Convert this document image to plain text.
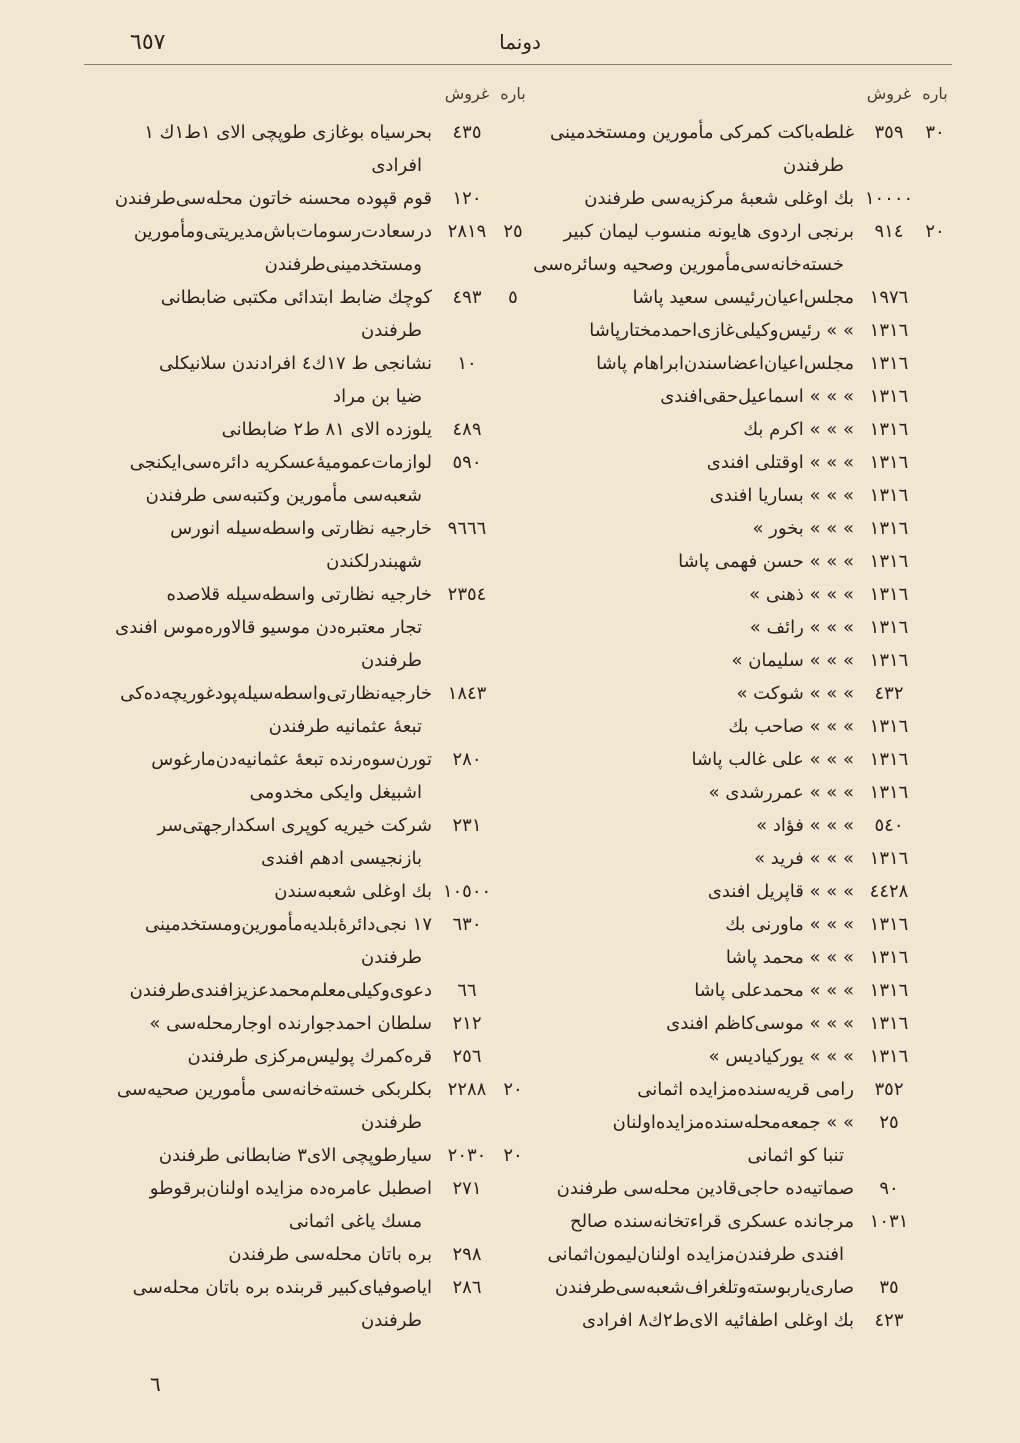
٦٥٧	دونما
باره
غروش
٣٠
٣٥٩
غلطه‌با‌کت کمرکی مأمورین ومستخدمینی
طرفندن
١٠٠٠٠
بك اوغلی شعبهٔ مرکزیه‌سی طرفندن
٢٠
٩١٤
برنجی اردوی هایونه منسوب لیمان کبیر
خسته‌خانه‌سی‌مأمورین وصحیه وسائره‌سی
١٩٧٦
مجلس‌اعیان‌رئیسی سعید پاشا
١٣١٦
» » رئیس‌وکیلی‌غازی‌احمدمختارپاشا
١٣١٦
مجلس‌اعیان‌اعضاسندن‌ابراهام پاشا
١٣١٦
» » » اسماعیل‌حقی‌افندی
١٣١٦
» » » اکرم بك
١٣١٦
» » » اوقتلی افندی
١٣١٦
» » » بساریا افندی
١٣١٦
» » » بخور »
١٣١٦
» » » حسن فهمی پاشا
١٣١٦
» » » ذهنی »
١٣١٦
» » » رائف »
١٣١٦
» » » سلیمان »
٤٣٢
» » » شوکت »
١٣١٦
» » » صاحب بك
١٣١٦
» » » علی غالب پاشا
١٣١٦
» » » عمررشدی »
٥٤٠
» » » فؤاد »
١٣١٦
» » » فرید »
٤٤٢٨
» » » قاپریل افندی
١٣١٦
» » » ماورنی بك
١٣١٦
» » » محمد پاشا
١٣١٦
» » » محمدعلی پاشا
١٣١٦
» » » موسی‌کاظم افندی
١٣١٦
» » » یورکیادیس »
٣٥٢
رامی قریه‌سنده‌مزایده اثمانی
٢٥
» » جمعه‌محله‌سنده‌مزایده‌اولنان
تنبا کو اثمانی
٩٠
صماتیه‌ده حاجی‌قادین محله‌سی طرفندن
١٠٣١
مرجانده عسکری قراءتخانه‌سنده صالح
افندی طرفندن‌مزایده اولنان‌لیمون‌اثمانی
٣٥
صاری‌یاربوسته‌وتلغراف‌شعبه‌سی‌طرفندن
٤٢٣
بك اوغلی اطفائیه الای‌ط٢ك٨ افرادی
باره
غروش
٤٣٥
بحرسیاه بوغازی طوپچی الای ١ط١ك ١
افرادی
١٢٠
قوم قپوده محسنه خاتون محله‌سی‌طرفندن
٢٥
٢٨١٩
درسعادت‌رسومات‌باش‌مدیریتی‌ومأمورین
ومستخدمینی‌طرفندن
٥
٤٩٣
کوچك ضابط ابتدائی مکتبی ضابطانی
طرفندن
١٠
نشانجی ط ١٧ك٤ افرادندن سلانیکلی
ضیا بن مراد
٤٨٩
یلوزده الای ٨١ ط٢ ضابطانی
٥٩٠
لوازمات‌عمومیهٔ‌عسکریه دائره‌سی‌ایکنجی
شعبه‌سی مأمورین وکتبه‌سی طرفندن
٩٦٦٦
خارجیه نظارتی واسطه‌سیله انورس
شهبندرلکندن
٢٣٥٤
خارجیه نظارتی واسطه‌سیله قلاصده
تجار معتبره‌دن موسیو قالاوره‌موس افندی طرفندن
١٨٤٣
خارجیه‌نظارتی‌واسطه‌سیله‌پودغوریچه‌ده‌کی
تبعهٔ عثمانیه طرفندن
٢٨٠
تورن‌سوه‌رنده تبعهٔ عثمانیه‌دن‌مارغوس
اشبیغل وایکی مخدومی
٢٣١
شرکت خیریه کوپری اسکدارجهتی‌سر
بازنجیسی ادهم افندی
١٠٥٠٠
بك اوغلی شعبه‌سندن
٦٣٠
١٧ نجی‌دائرهٔ‌بلدیه‌مأمورین‌ومستخدمینی
طرفندن
٦٦
دعوی‌وکیلی‌معلم‌محمدعزیزافندی‌طرفندن
٢١٢
سلطان احمدجوارنده اوجارمحله‌سی »
٢٥٦
قره‌کمرك پولیس‌مرکزی طرفندن
٢٠
٢٢٨٨
بکلربکی خسته‌خانه‌سی مأمورین صحیه‌سی
طرفندن
٢٠
٢٠٣٠
سیارطوپچی الای٣ ضابطانی طرفندن
٢٧١
اصطبل عامره‌ده مزایده اولنان‌برقوطو
مسك یاغی اثمانی
٢٩٨
بره باتان محله‌سی طرفندن
٢٨٦
ایاصوفیای‌کبیر قربنده بره باتان محله‌سی
طرفندن
٦
